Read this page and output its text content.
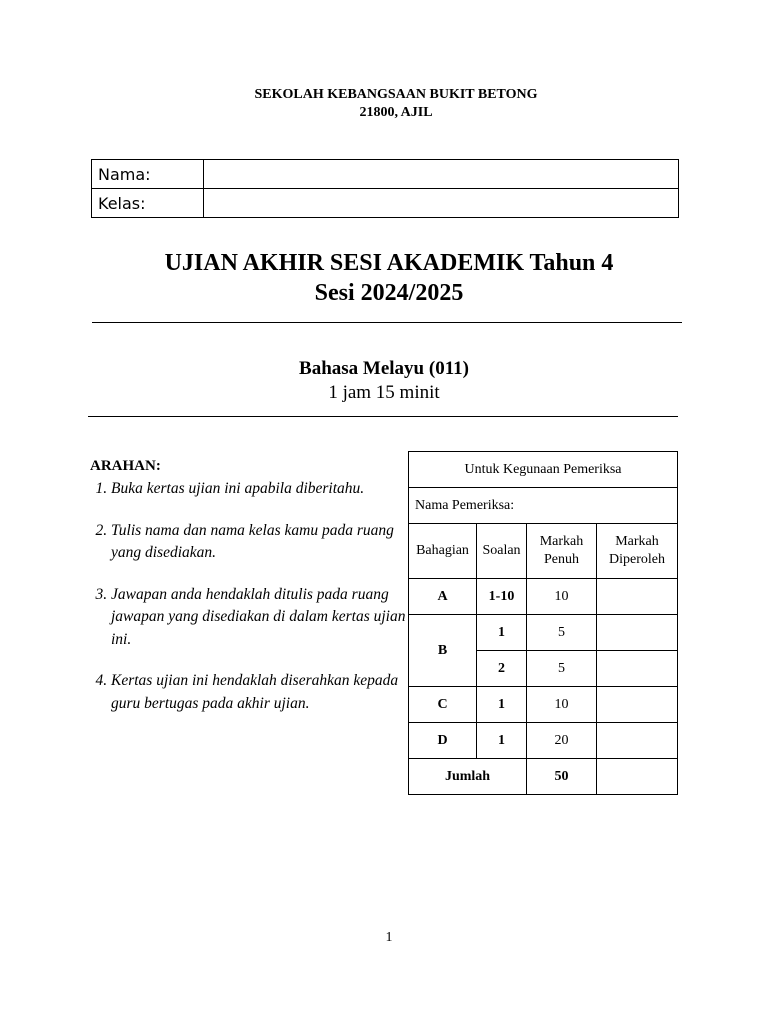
SEKOLAH KEBANGSAAN BUKIT BETONG
21800, AJIL
Nama:	
Kelas:	
UJIAN AKHIR SESI AKADEMIK Tahun 4
Sesi 2024/2025
Bahasa Melayu (011)
1 jam 15 minit
ARAHAN:
1. Buka kertas ujian ini apabila diberitahu.
2. Tulis nama dan nama kelas kamu pada ruang yang disediakan.
3. Jawapan anda hendaklah ditulis pada ruang jawapan yang disediakan di dalam kertas ujian ini.
4. Kertas ujian ini hendaklah diserahkan kepada guru bertugas pada akhir ujian.
Untuk Kegunaan Pemeriksa			
Nama Pemeriksa:			
Bahagian	Soalan	Markah Penuh	Markah Diperoleh
A	1-10	10	
B	1	5	
	2	5	
C	1	10	
D	1	20	
Jumlah		50	
1
